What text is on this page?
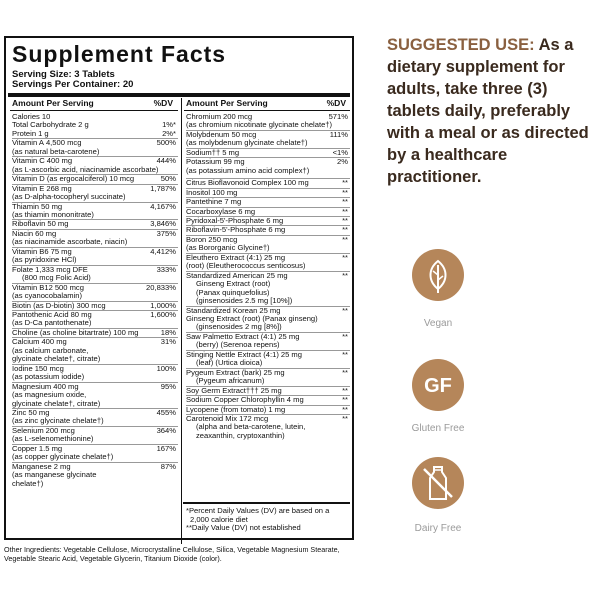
Supplement Facts
Serving Size: 3 Tablets
Servings Per Container: 20
Amount Per Serving	%DV Amount Per Serving	%DV
Calories 10
Total Carbohydrate 2 g	1%*
Protein 1 g	2%*
Vitamin A 4,500 mcg	500%
(as natural beta-carotene)
Vitamin C 400 mg	444%
(as L-ascorbic acid, niacinamide ascorbate)
Vitamin D (as ergocalciferol) 10 mcg	50%
Vitamin E 268 mg	1,787%
(as D-alpha-tocopheryl succinate)
Thiamin 50 mg	4,167%
(as thiamin mononitrate)
Riboflavin 50 mg	3,846%
Niacin 60 mg	375%
(as niacinamide ascorbate, niacin)
Vitamin B6 75 mg	4,412%
(as pyridoxine HCl)
Folate 1,333 mcg DFE	333%
(800 mcg Folic Acid)
Vitamin B12 500 mcg	20,833%
(as cyanocobalamin)
Biotin (as D-biotin) 300 mcg	1,000%
Pantothenic Acid 80 mg	1,600%
(as D-Ca pantothenate)
Choline (as choline bitartrate) 100 mg	18%
Calcium 400 mg	31%
(as calcium carbonate,
glycinate chelate†, citrate)
Iodine 150 mcg	100%
(as potassium iodide)
Magnesium 400 mg	95%
(as magnesium oxide,
glycinate chelate†, citrate)
Zinc 50 mg	455%
(as zinc glycinate chelate†)
Selenium 200 mcg	364%
(as L-selenomethionine)
Copper 1.5 mg	167%
(as copper glycinate chelate†)
Manganese 2 mg	87%
(as manganese glycinate
chelate†)
Chromium 200 mcg	571%
(as chromium nicotinate glycinate chelate†)
Molybdenum 50 mcg	111%
(as molybdenum glycinate chelate†)
Sodium†† 5 mg	<1%
Potassium 99 mg	2%
(as potassium amino acid complex†)
Citrus Bioflavonoid Complex 100 mg	**
Inositol 100 mg	**
Pantethine 7 mg	**
Cocarboxylase 6 mg	**
Pyridoxal-5'-Phosphate 6 mg	**
Riboflavin-5'-Phosphate 6 mg	**
Boron 250 mcg	**
(as Bororganic Glycine†)
Eleuthero Extract (4:1) 25 mg	**
(root) (Eleutherococcus senticosus)
Standardized American 25 mg	**
Ginseng Extract (root)
(Panax quinquefolius)
(ginsenosides 2.5 mg [10%])
Standardized Korean 25 mg	**
Ginseng Extract (root) (Panax ginseng)
(ginsenosides 2 mg [8%])
Saw Palmetto Extract (4:1) 25 mg	**
(berry) (Serenoa repens)
Stinging Nettle Extract (4:1) 25 mg	**
(leaf) (Urtica dioica)
Pygeum Extract (bark) 25 mg	**
(Pygeum africanum)
Soy Germ Extract††† 25 mg	**
Sodium Copper Chlorophyllin 4 mg	**
Lycopene (from tomato) 1 mg	**
Carotenoid Mix 172 mcg	**
(alpha and beta-carotene, lutein,
zeaxanthin, cryptoxanthin)
*Percent Daily Values (DV) are based on a
2,000 calorie diet
**Daily Value (DV) not established
Other Ingredients: Vegetable Cellulose, Microcrystalline Cellulose, Silica, Vegetable Magnesium Stearate, Vegetable Stearic Acid, Vegetable Glycerin, Titanium Dioxide (color).
SUGGESTED USE: As a dietary supplement for adults, take three (3) tablets daily, preferably with a meal or as directed by a healthcare practitioner.
Vegan
GF
Gluten Free
Dairy Free
